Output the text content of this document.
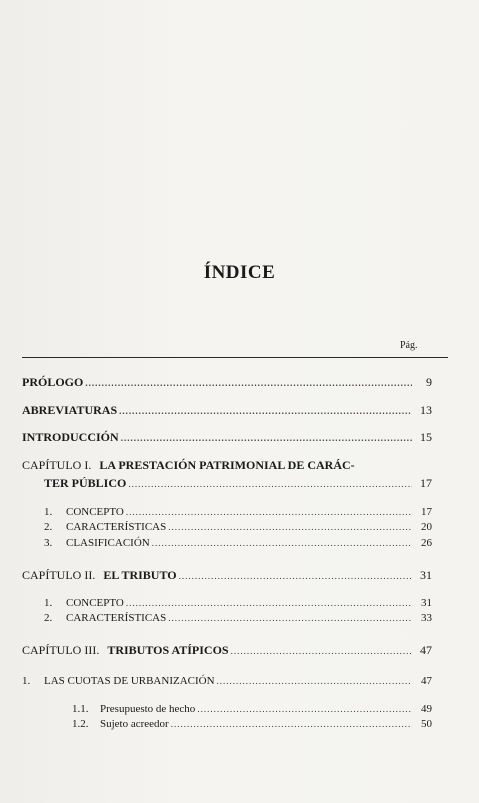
ÍNDICE
Pág.
PRÓLOGO .....	9
ABREVIATURAS .....	13
INTRODUCCIÓN .....	15
CAPÍTULO I. LA PRESTACIÓN PATRIMONIAL DE CARÁC-
TER PÚBLICO .....	17
1. CONCEPTO .....	17
2. CARACTERÍSTICAS .....	20
3. CLASIFICACIÓN .....	26
CAPÍTULO II. EL TRIBUTO .....	31
1. CONCEPTO .....	31
2. CARACTERÍSTICAS .....	33
CAPÍTULO III. TRIBUTOS ATÍPICOS .....	47
1. LAS CUOTAS DE URBANIZACIÓN .....	47
1.1. Presupuesto de hecho .....	49
1.2. Sujeto acreedor .....	50
